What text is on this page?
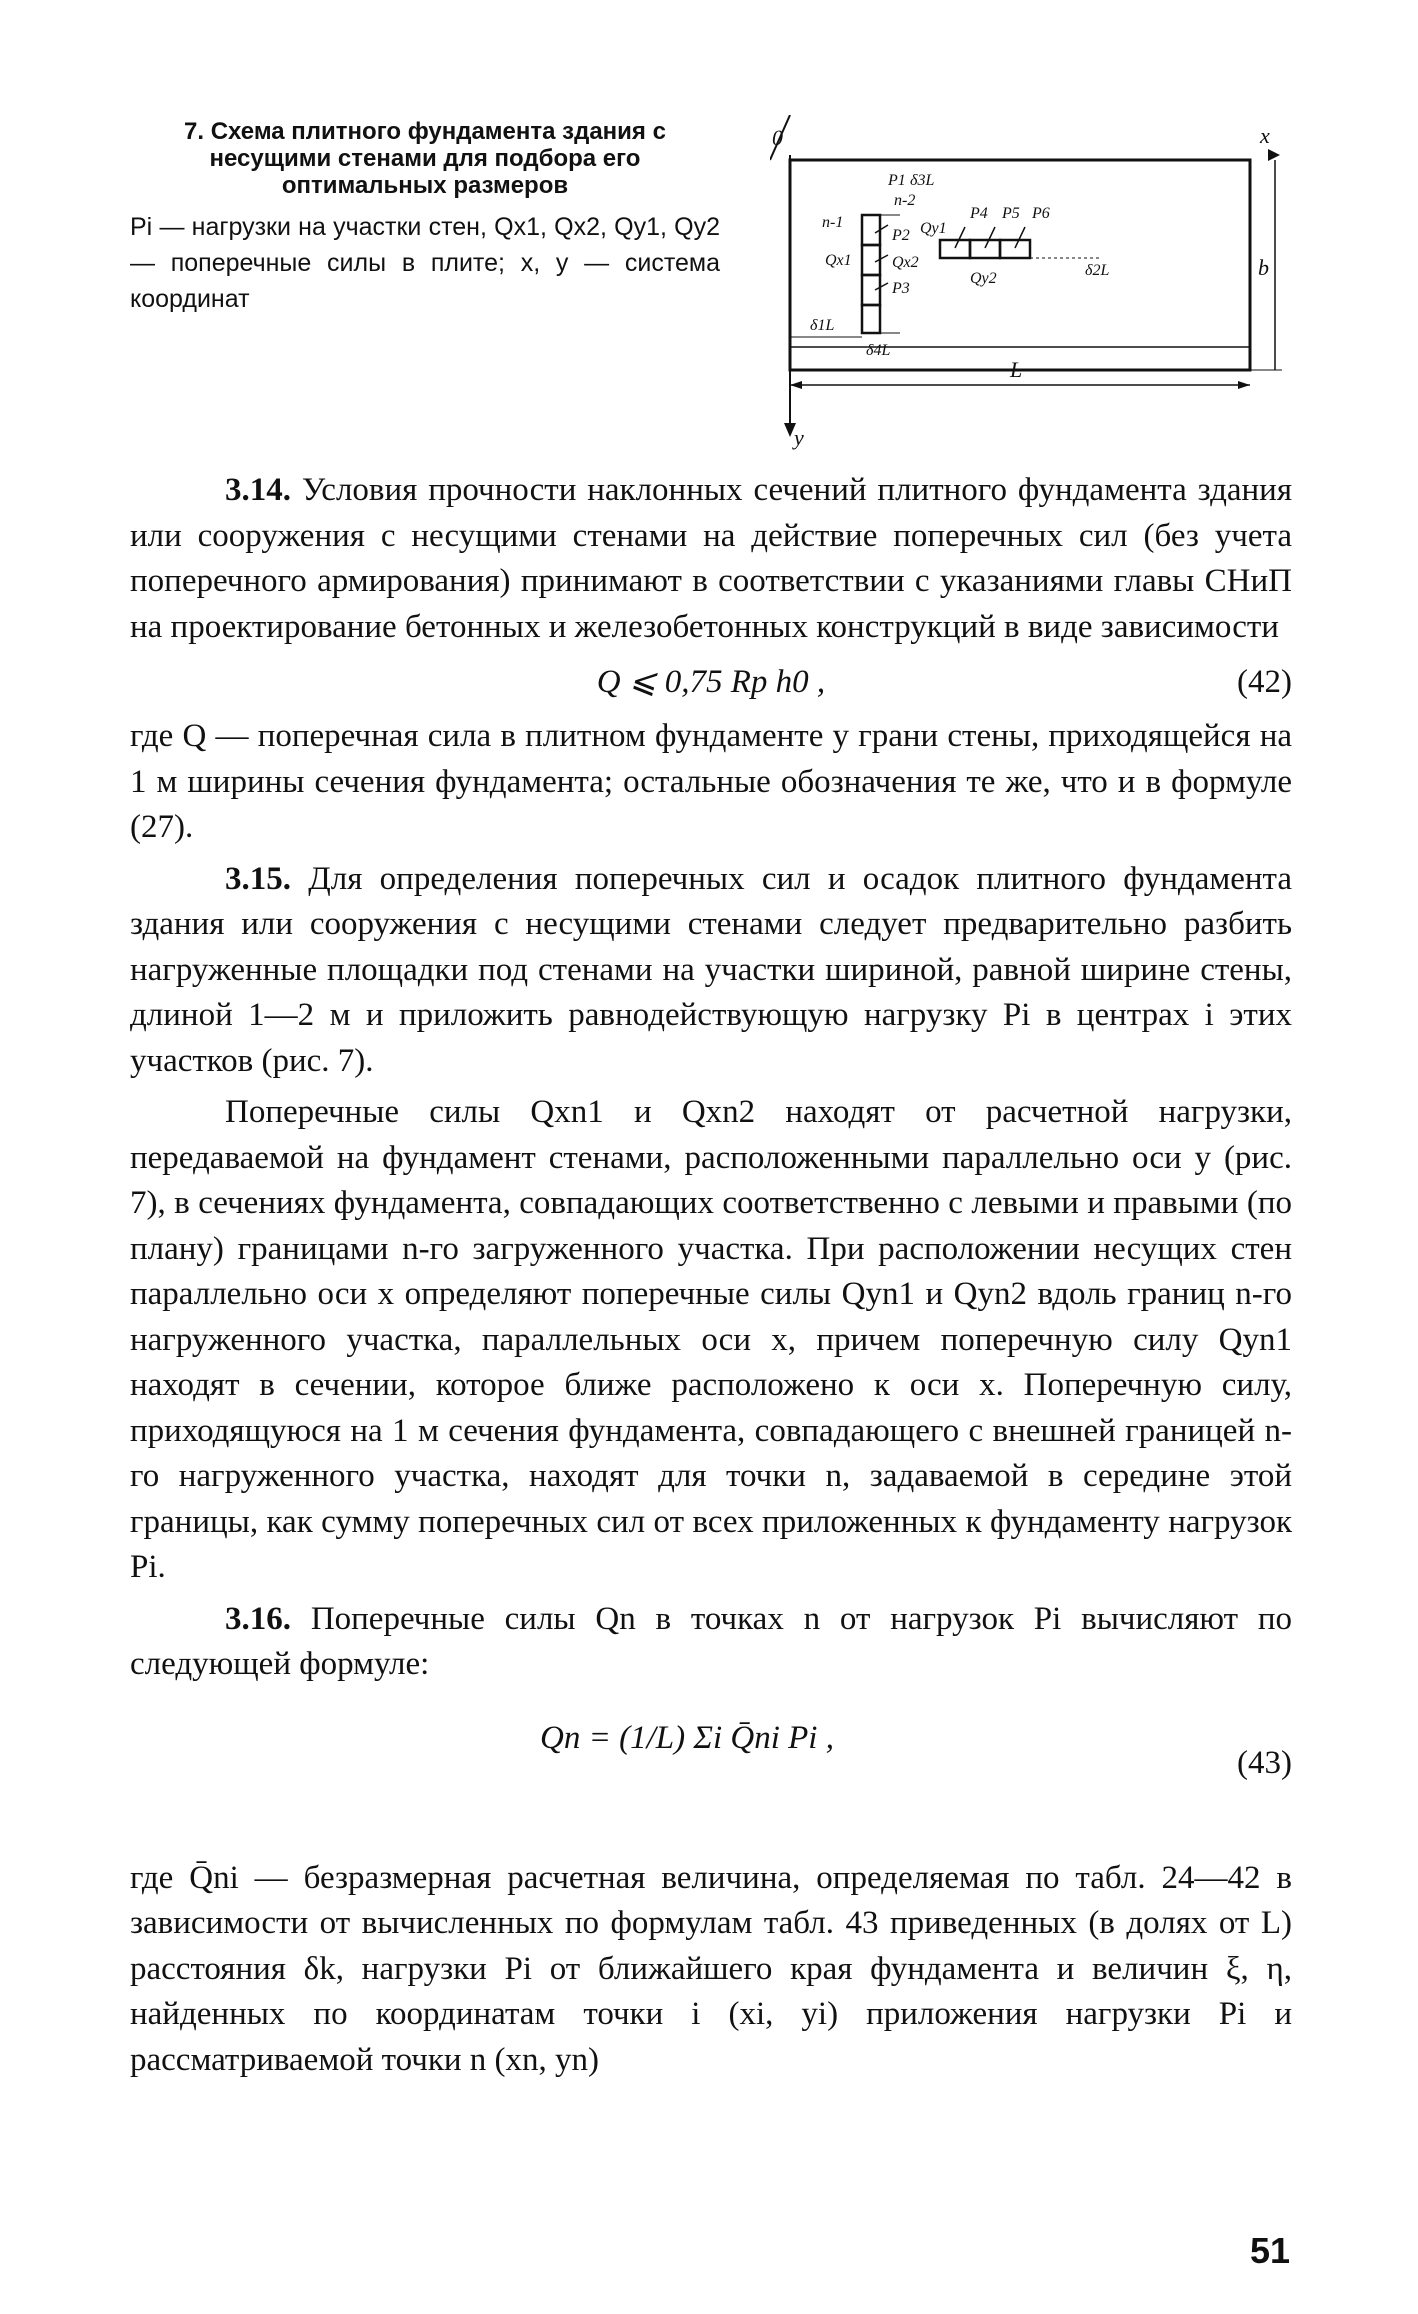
7. Схема плитного фундамента здания с несущими стенами для подбора его оптимальных размеров
Pi — нагрузки на участки стен, Qx1, Qx2, Qy1, Qy2 — поперечные силы в плите; x, y — система координат
0	x
y
L
b
n-1
n-2
P1
P2
P3
P4 P5 P6
Qx1	Qx2
Qy1
Qy2
δ1L
δ2L
δ3L
δ4L

3.14. Условия прочности наклонных сечений плитного фундамента здания или сооружения с несущими стенами на действие поперечных сил (без учета поперечного армирования) принимают в соответствии с указаниями главы СНиП на проектирование бетонных и железобетонных конструкций в виде зависимости

Q ⩽ 0,75 Rp h0 ,	(42)

где Q — поперечная сила в плитном фундаменте у грани стены, приходящейся на 1 м ширины сечения фундамента; остальные обозначения те же, что и в формуле (27).

3.15. Для определения поперечных сил и осадок плитного фундамента здания или сооружения с несущими стенами следует предварительно разбить нагруженные площадки под стенами на участки шириной, равной ширине стены, длиной 1—2 м и приложить равнодействующую нагрузку Pi в центрах i этих участков (рис. 7).

Поперечные силы Qxn1 и Qxn2 находят от расчетной нагрузки, передаваемой на фундамент стенами, расположенными параллельно оси y (рис. 7), в сечениях фундамента, совпадающих соответственно с левыми и правыми (по плану) границами n-го загруженного участка. При расположении несущих стен параллельно оси x определяют поперечные силы Qyn1 и Qyn2 вдоль границ n-го нагруженного участка, параллельных оси x, причем поперечную силу Qyn1 находят в сечении, которое ближе расположено к оси x. Поперечную силу, приходящуюся на 1 м сечения фундамента, совпадающего с внешней границей n-го нагруженного участка, находят для точки n, задаваемой в середине этой границы, как сумму поперечных сил от всех приложенных к фундаменту нагрузок Pi.

3.16. Поперечные силы Qn в точках n от нагрузок Pi вычисляют по следующей формуле:

Qn = (1/L) Σi Q̄ni Pi ,
(43)

где Q̄ni — безразмерная расчетная величина, определяемая по табл. 24—42 в зависимости от вычисленных по формулам табл. 43 приведенных (в долях от L) расстояния δk, нагрузки Pi от ближайшего края фундамента и величин ξ, η, найденных по координатам точки i (xi, yi) приложения нагрузки Pi и рассматриваемой точки n (xn, yn)

51
